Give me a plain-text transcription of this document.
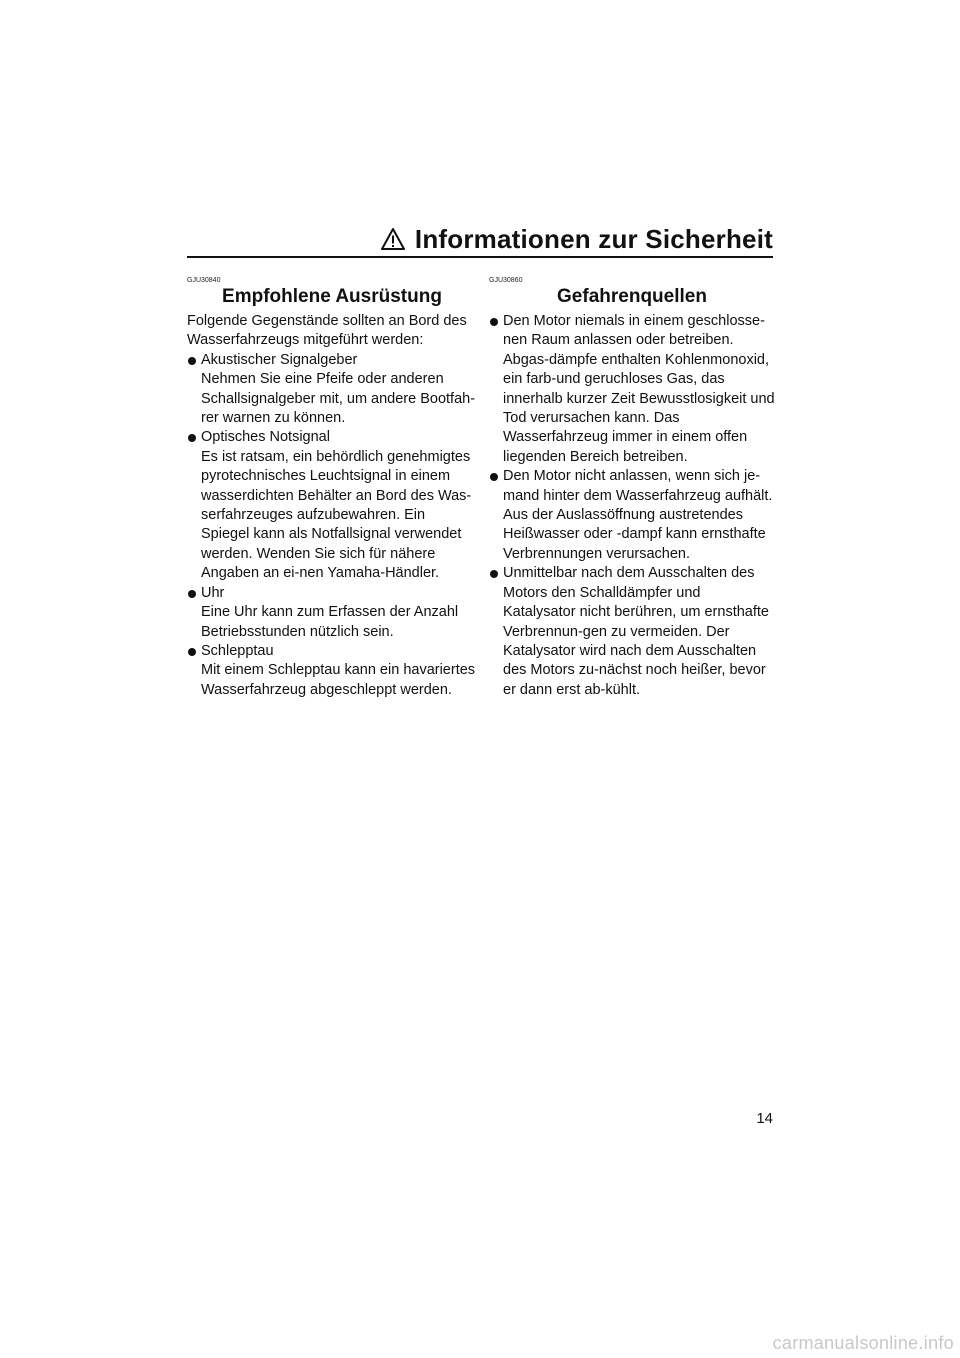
Informationen zur Sicherheit
GJU30840
Empfohlene Ausrüstung

Folgende Gegenstände sollten an Bord des Wasserfahrzeugs mitgeführt werden:

Akustischer Signalgeber
Nehmen Sie eine Pfeife oder anderen Schallsignalgeber mit, um andere Bootfah-rer warnen zu können.
Optisches Notsignal
Es ist ratsam, ein behördlich genehmigtes pyrotechnisches Leuchtsignal in einem wasserdichten Behälter an Bord des Was-serfahrzeuges aufzubewahren. Ein Spiegel kann als Notfallsignal verwendet werden. Wenden Sie sich für nähere Angaben an ei-nen Yamaha-Händler.
Uhr
Eine Uhr kann zum Erfassen der Anzahl Betriebsstunden nützlich sein.
Schlepptau
Mit einem Schlepptau kann ein havariertes Wasserfahrzeug abgeschleppt werden.
GJU30860
Gefahrenquellen
Den Motor niemals in einem geschlosse-nen Raum anlassen oder betreiben. Abgas-dämpfe enthalten Kohlenmonoxid, ein farb-und geruchloses Gas, das innerhalb kurzer Zeit Bewusstlosigkeit und Tod verursachen kann. Das Wasserfahrzeug immer in einem offen liegenden Bereich betreiben.
Den Motor nicht anlassen, wenn sich je-mand hinter dem Wasserfahrzeug aufhält. Aus der Auslassöffnung austretendes Heißwasser oder -dampf kann ernsthafte Verbrennungen verursachen.
Unmittelbar nach dem Ausschalten des Motors den Schalldämpfer und Katalysator nicht berühren, um ernsthafte Verbrennun-gen zu vermeiden. Der Katalysator wird nach dem Ausschalten des Motors zu-nächst noch heißer, bevor er dann erst ab-kühlt.
14
carmanualsonline.info
